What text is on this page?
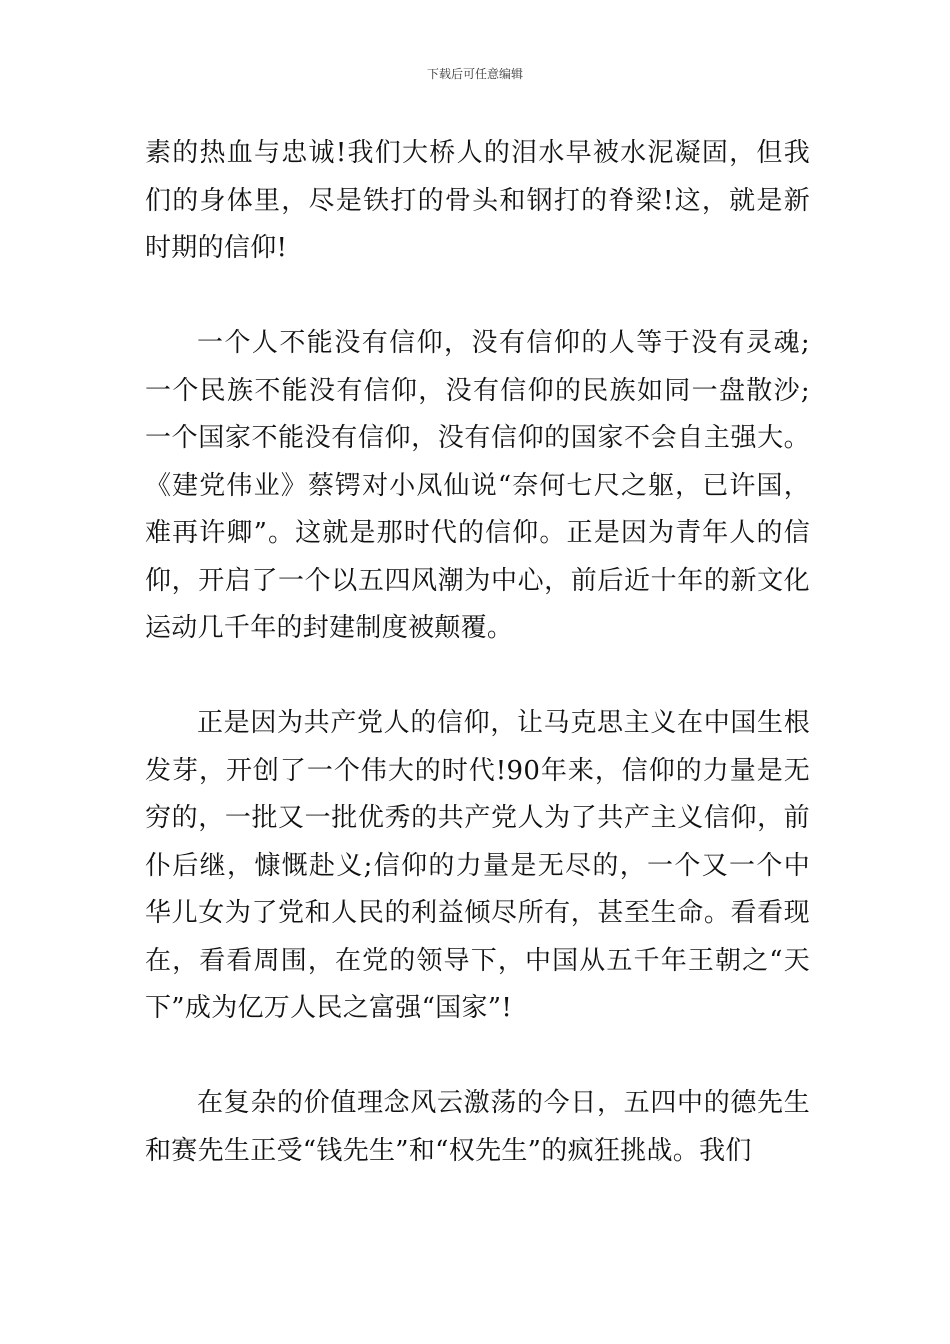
下载后可任意编辑

素的热血与忠诚!我们大桥人的泪水早被水泥凝固，但我们的身体里，尽是铁打的骨头和钢打的脊梁!这，就是新时期的信仰!

一个人不能没有信仰，没有信仰的人等于没有灵魂;一个民族不能没有信仰，没有信仰的民族如同一盘散沙;一个国家不能没有信仰，没有信仰的国家不会自主强大。《建党伟业》蔡锷对小凤仙说“奈何七尺之躯，已许国，难再许卿”。这就是那时代的信仰。正是因为青年人的信仰，开启了一个以五四风潮为中心，前后近十年的新文化运动几千年的封建制度被颠覆。

正是因为共产党人的信仰，让马克思主义在中国生根发芽，开创了一个伟大的时代!90年来，信仰的力量是无穷的，一批又一批优秀的共产党人为了共产主义信仰，前仆后继，慷慨赴义;信仰的力量是无尽的，一个又一个中华儿女为了党和人民的利益倾尽所有，甚至生命。看看现在，看看周围，在党的领导下，中国从五千年王朝之“天下”成为亿万人民之富强“国家”!

在复杂的价值理念风云激荡的今日，五四中的德先生和赛先生正受“钱先生”和“权先生”的疯狂挑战。我们
